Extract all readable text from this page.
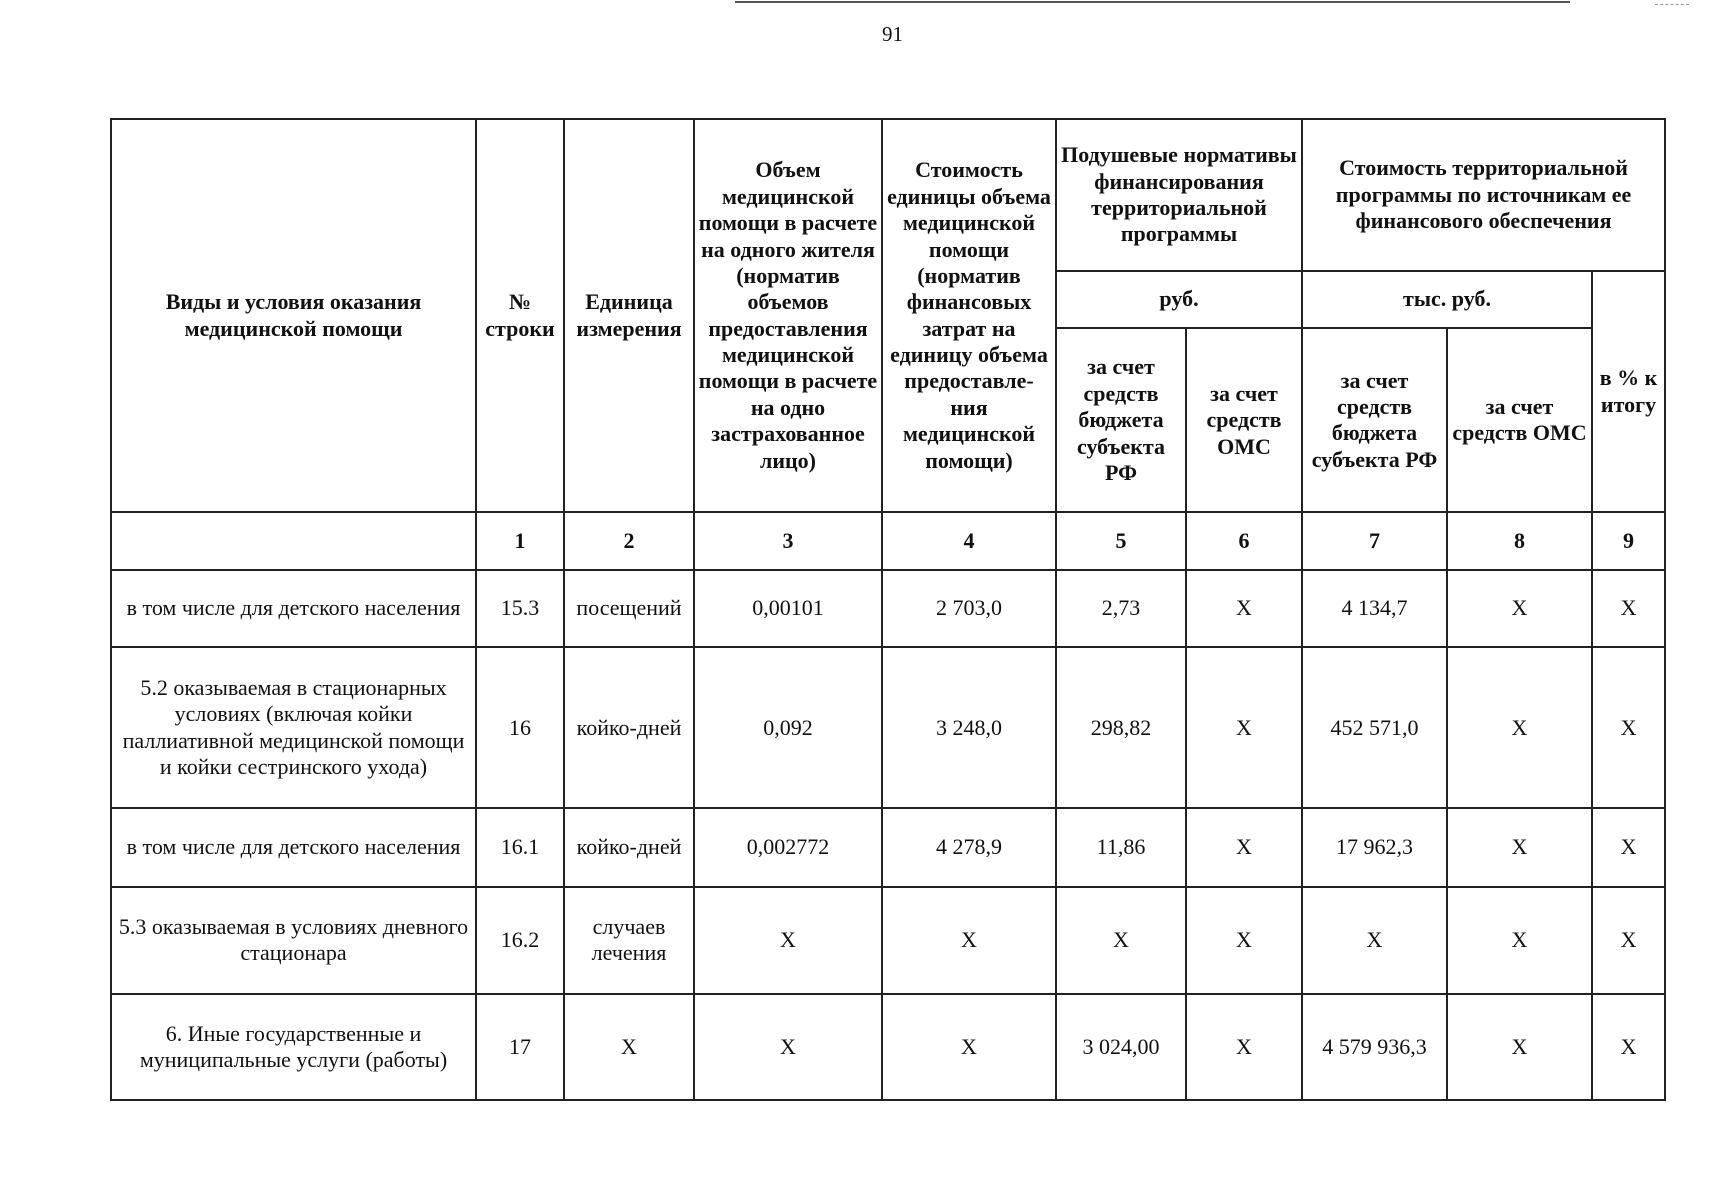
91
Виды и условия оказания медицинской помощи	№ строки	Единица измерения	Объем медицинской помощи в расчете на одного жителя (норматив объемов предоставления медицинской помощи в расчете на одно застрахованное лицо)	Стоимость единицы объема медицинской помощи (норматив финансовых затрат на единицу объема предоставле-ния медицинской помощи)	Подушевые нормативы финансирования территориальной программы		Стоимость территориальной программы по источникам ее финансового обеспечения		
					руб.		тыс. руб.		в % к итогу
					за счет средств бюджета субъекта РФ	за счет средств ОМС	за счет средств бюджета субъекта РФ	за счет средств ОМС	
	1	2	3	4	5	6	7	8	9
в том числе для детского населения	15.3	посещений	0,00101	2 703,0	2,73	X	4 134,7	X	X
5.2 оказываемая в стационарных условиях (включая койки паллиативной медицинской помощи и койки сестринского ухода)	16	койко-дней	0,092	3 248,0	298,82	X	452 571,0	X	X
в том числе для детского населения	16.1	койко-дней	0,002772	4 278,9	11,86	X	17 962,3	X	X
5.3 оказываемая в условиях дневного стационара	16.2	случаев лечения	X	X	X	X	X	X	X
6. Иные государственные и муниципальные услуги (работы)	17	X	X	X	3 024,00	X	4 579 936,3	X	X
